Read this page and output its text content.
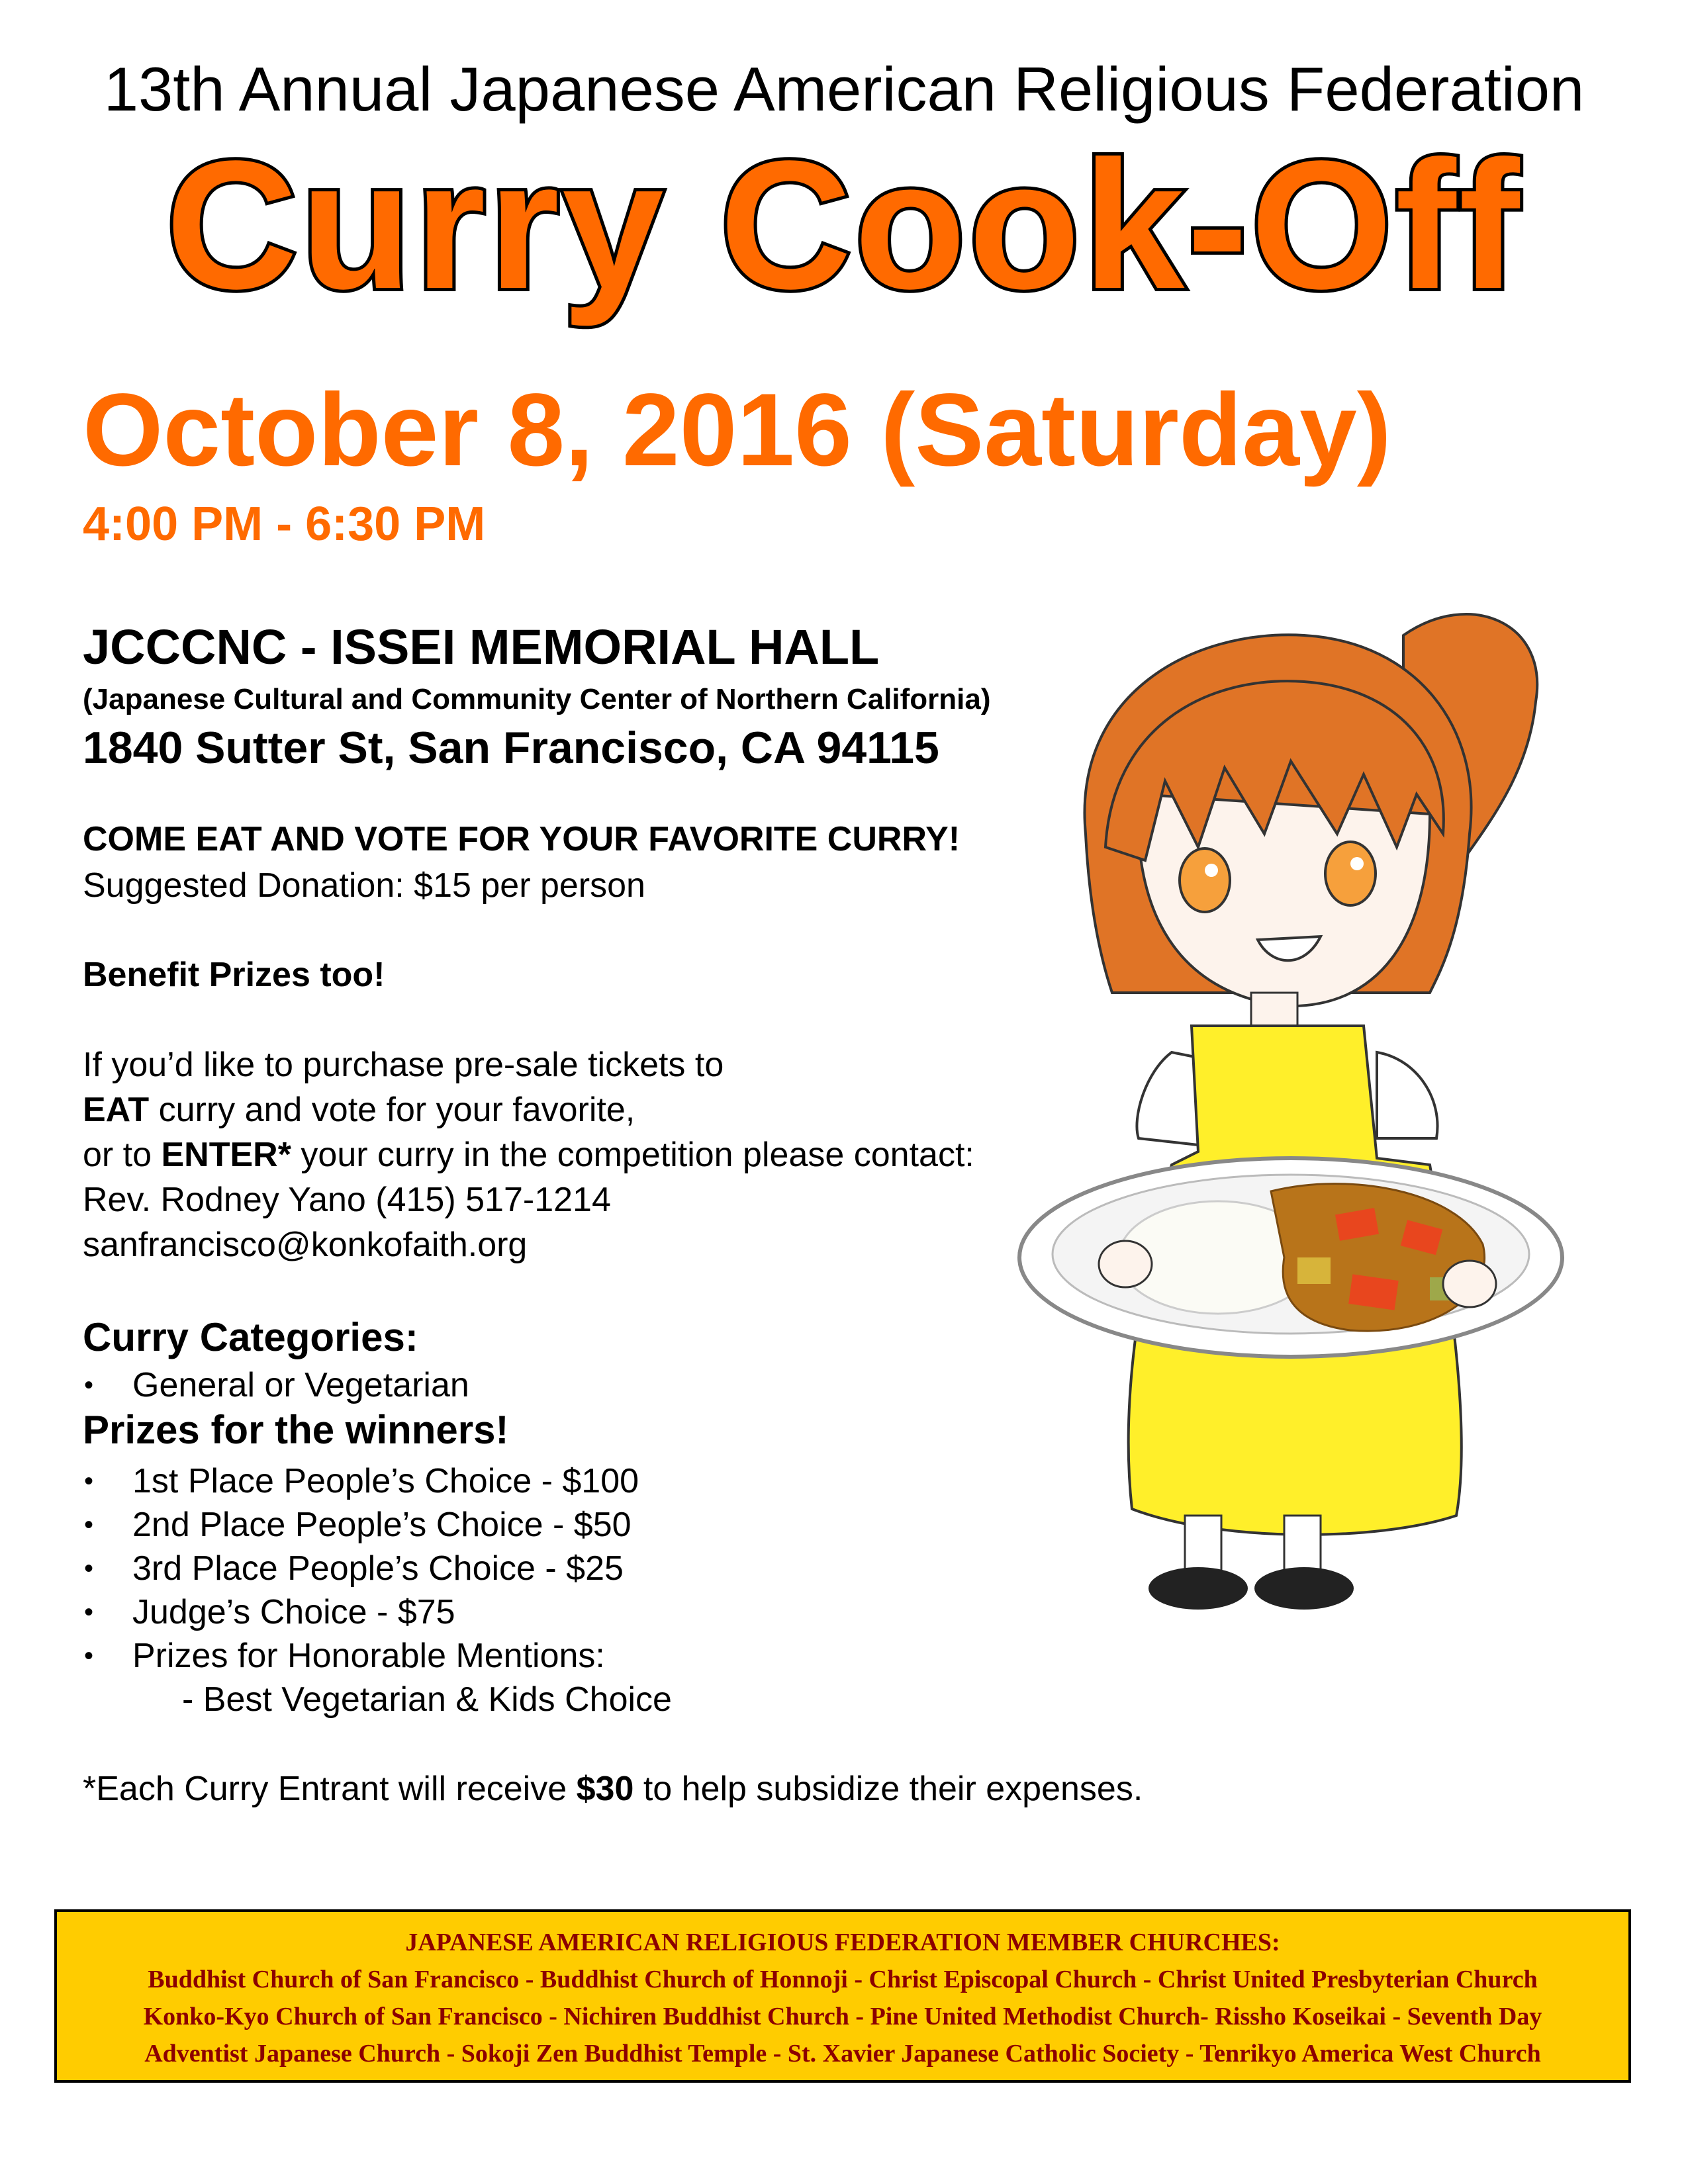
13th Annual Japanese American Religious Federation
Curry Cook-Off
October 8, 2016 (Saturday)
4:00 PM - 6:30 PM
JCCCNC - ISSEI MEMORIAL HALL
(Japanese Cultural and Community Center of Northern California)
1840 Sutter St, San Francisco, CA 94115
COME EAT AND VOTE FOR YOUR FAVORITE CURRY!
Suggested Donation: $15 per person
Benefit Prizes too!
If you’d like to purchase pre-sale tickets to
EAT curry and vote for your favorite,
or to ENTER* your curry in the competition please contact:
Rev. Rodney Yano (415) 517-1214
sanfrancisco@konkofaith.org
Curry Categories:
• General or Vegetarian
Prizes for the winners!
• 1st Place People’s Choice - $100
• 2nd Place People’s Choice - $50
• 3rd Place People’s Choice - $25
• Judge’s Choice - $75
• Prizes for Honorable Mentions:
- Best Vegetarian & Kids Choice
*Each Curry Entrant will receive $30 to help subsidize their expenses.
JAPANESE AMERICAN RELIGIOUS FEDERATION MEMBER CHURCHES:
Buddhist Church of San Francisco - Buddhist Church of Honnoji - Christ Episcopal Church - Christ United Presbyterian Church
Konko-Kyo Church of San Francisco - Nichiren Buddhist Church - Pine United Methodist Church- Rissho Koseikai - Seventh Day
Adventist Japanese Church - Sokoji Zen Buddhist Temple - St. Xavier Japanese Catholic Society - Tenrikyo America West Church
